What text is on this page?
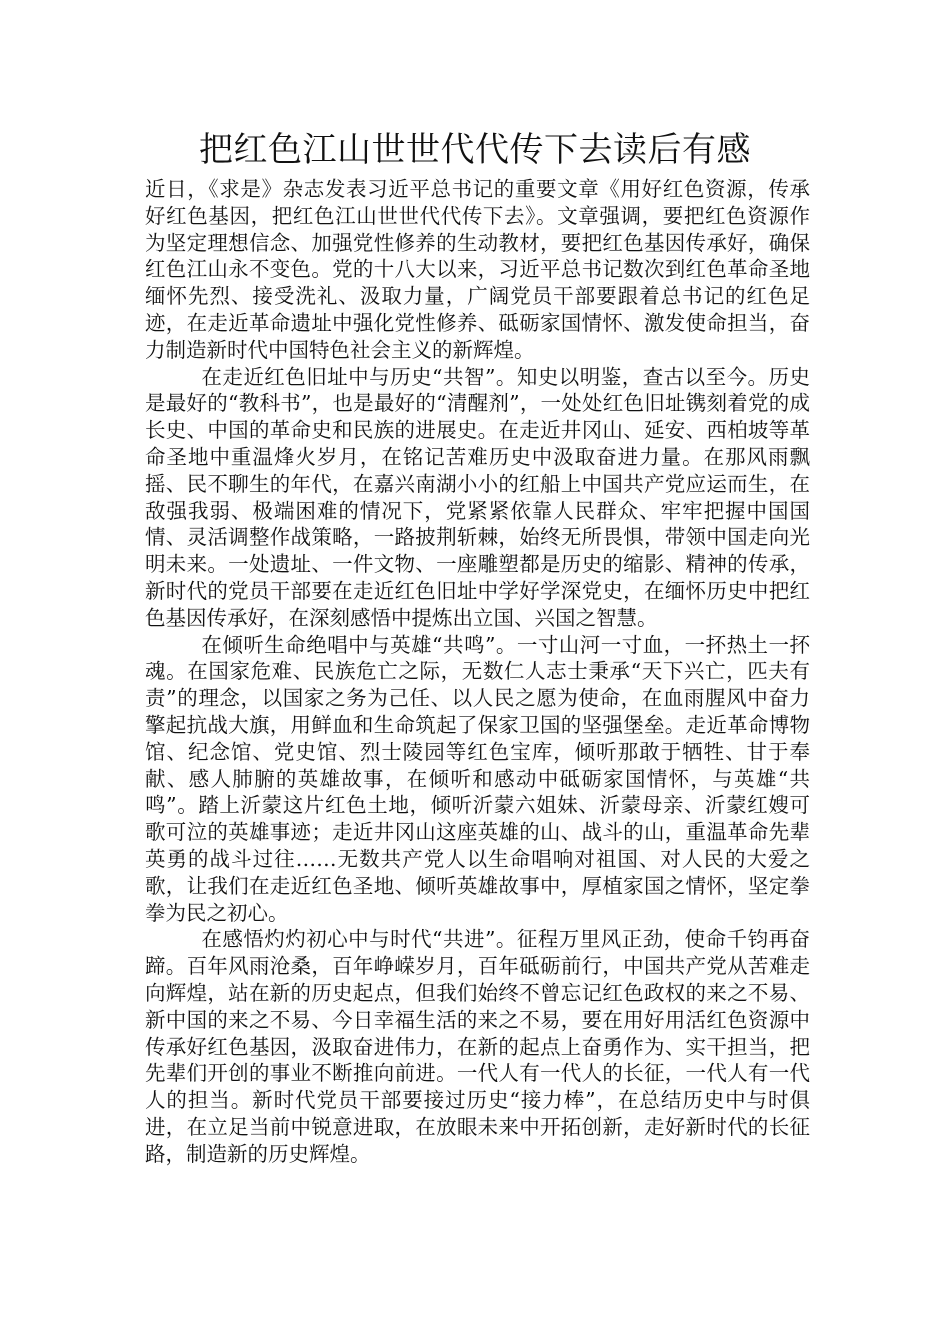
把红色江山世世代代传下去读后有感

近日，《求是》杂志发表习近平总书记的重要文章《用好红色资源，传承好红色基因，把红色江山世世代代传下去》。文章强调，要把红色资源作为坚定理想信念、加强党性修养的生动教材，要把红色基因传承好，确保红色江山永不变色。党的十八大以来，习近平总书记数次到红色革命圣地缅怀先烈、接受洗礼、汲取力量，广阔党员干部要跟着总书记的红色足迹，在走近革命遗址中强化党性修养、砥砺家国情怀、激发使命担当，奋力制造新时代中国特色社会主义的新辉煌。

在走近红色旧址中与历史“共智”。知史以明鉴，查古以至今。历史是最好的“教科书”，也是最好的“清醒剂”，一处处红色旧址镌刻着党的成长史、中国的革命史和民族的进展史。在走近井冈山、延安、西柏坡等革命圣地中重温烽火岁月，在铭记苦难历史中汲取奋进力量。在那风雨飘摇、民不聊生的年代，在嘉兴南湖小小的红船上中国共产党应运而生，在敌强我弱、极端困难的情况下，党紧紧依靠人民群众、牢牢把握中国国情、灵活调整作战策略，一路披荆斩棘，始终无所畏惧，带领中国走向光明未来。一处遗址、一件文物、一座雕塑都是历史的缩影、精神的传承，新时代的党员干部要在走近红色旧址中学好学深党史，在缅怀历史中把红色基因传承好，在深刻感悟中提炼出立国、兴国之智慧。

在倾听生命绝唱中与英雄“共鸣”。一寸山河一寸血，一抔热土一抔魂。在国家危难、民族危亡之际，无数仁人志士秉承“天下兴亡，匹夫有责”的理念，以国家之务为己任、以人民之愿为使命，在血雨腥风中奋力擎起抗战大旗，用鲜血和生命筑起了保家卫国的坚强堡垒。走近革命博物馆、纪念馆、党史馆、烈士陵园等红色宝库，倾听那敢于牺牲、甘于奉献、感人肺腑的英雄故事，在倾听和感动中砥砺家国情怀，与英雄“共鸣”。踏上沂蒙这片红色土地，倾听沂蒙六姐妹、沂蒙母亲、沂蒙红嫂可歌可泣的英雄事迹；走近井冈山这座英雄的山、战斗的山，重温革命先辈英勇的战斗过往……无数共产党人以生命唱响对祖国、对人民的大爱之歌，让我们在走近红色圣地、倾听英雄故事中，厚植家国之情怀，坚定拳拳为民之初心。

在感悟灼灼初心中与时代“共进”。征程万里风正劲，使命千钧再奋蹄。百年风雨沧桑，百年峥嵘岁月，百年砥砺前行，中国共产党从苦难走向辉煌，站在新的历史起点，但我们始终不曾忘记红色政权的来之不易、新中国的来之不易、今日幸福生活的来之不易，要在用好用活红色资源中传承好红色基因，汲取奋进伟力，在新的起点上奋勇作为、实干担当，把先辈们开创的事业不断推向前进。一代人有一代人的长征，一代人有一代人的担当。新时代党员干部要接过历史“接力棒”，在总结历史中与时俱进，在立足当前中锐意进取，在放眼未来中开拓创新，走好新时代的长征路，制造新的历史辉煌。
